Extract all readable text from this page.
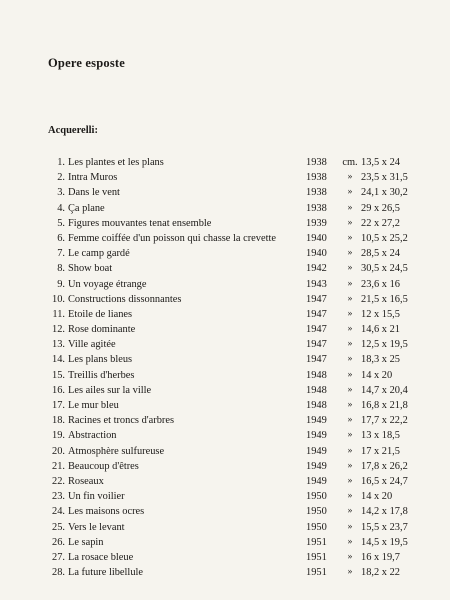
Opere esposte
Acquerelli:
1. Les plantes et les plans	1938	cm. 13,5 x 24
2. Intra Muros	1938	» 23,5 x 31,5
3. Dans le vent	1938	» 24,1 x 30,2
4. Ça plane	1938	» 29 x 26,5
5. Figures mouvantes tenat ensemble	1939	» 22 x 27,2
6. Femme coiffée d'un poisson qui chasse la crevette	1940	» 10,5 x 25,2
7. Le camp gardé	1940	» 28,5 x 24
8. Show boat	1942	» 30,5 x 24,5
9. Un voyage étrange	1943	» 23,6 x 16
10. Constructions dissonnantes	1947	» 21,5 x 16,5
11. Etoile de lianes	1947	» 12 x 15,5
12. Rose dominante	1947	» 14,6 x 21
13. Ville agitée	1947	» 12,5 x 19,5
14. Les plans bleus	1947	» 18,3 x 25
15. Treillis d'herbes	1948	» 14 x 20
16. Les ailes sur la ville	1948	» 14,7 x 20,4
17. Le mur bleu	1948	» 16,8 x 21,8
18. Racines et troncs d'arbres	1949	» 17,7 x 22,2
19. Abstraction	1949	» 13 x 18,5
20. Atmosphère sulfureuse	1949	» 17 x 21,5
21. Beaucoup d'êtres	1949	» 17,8 x 26,2
22. Roseaux	1949	» 16,5 x 24,7
23. Un fin voilier	1950	» 14 x 20
24. Les maisons ocres	1950	» 14,2 x 17,8
25. Vers le levant	1950	» 15,5 x 23,7
26. Le sapin	1951	» 14,5 x 19,5
27. La rosace bleue	1951	» 16 x 19,7
28. La future libellule	1951	» 18,2 x 22
